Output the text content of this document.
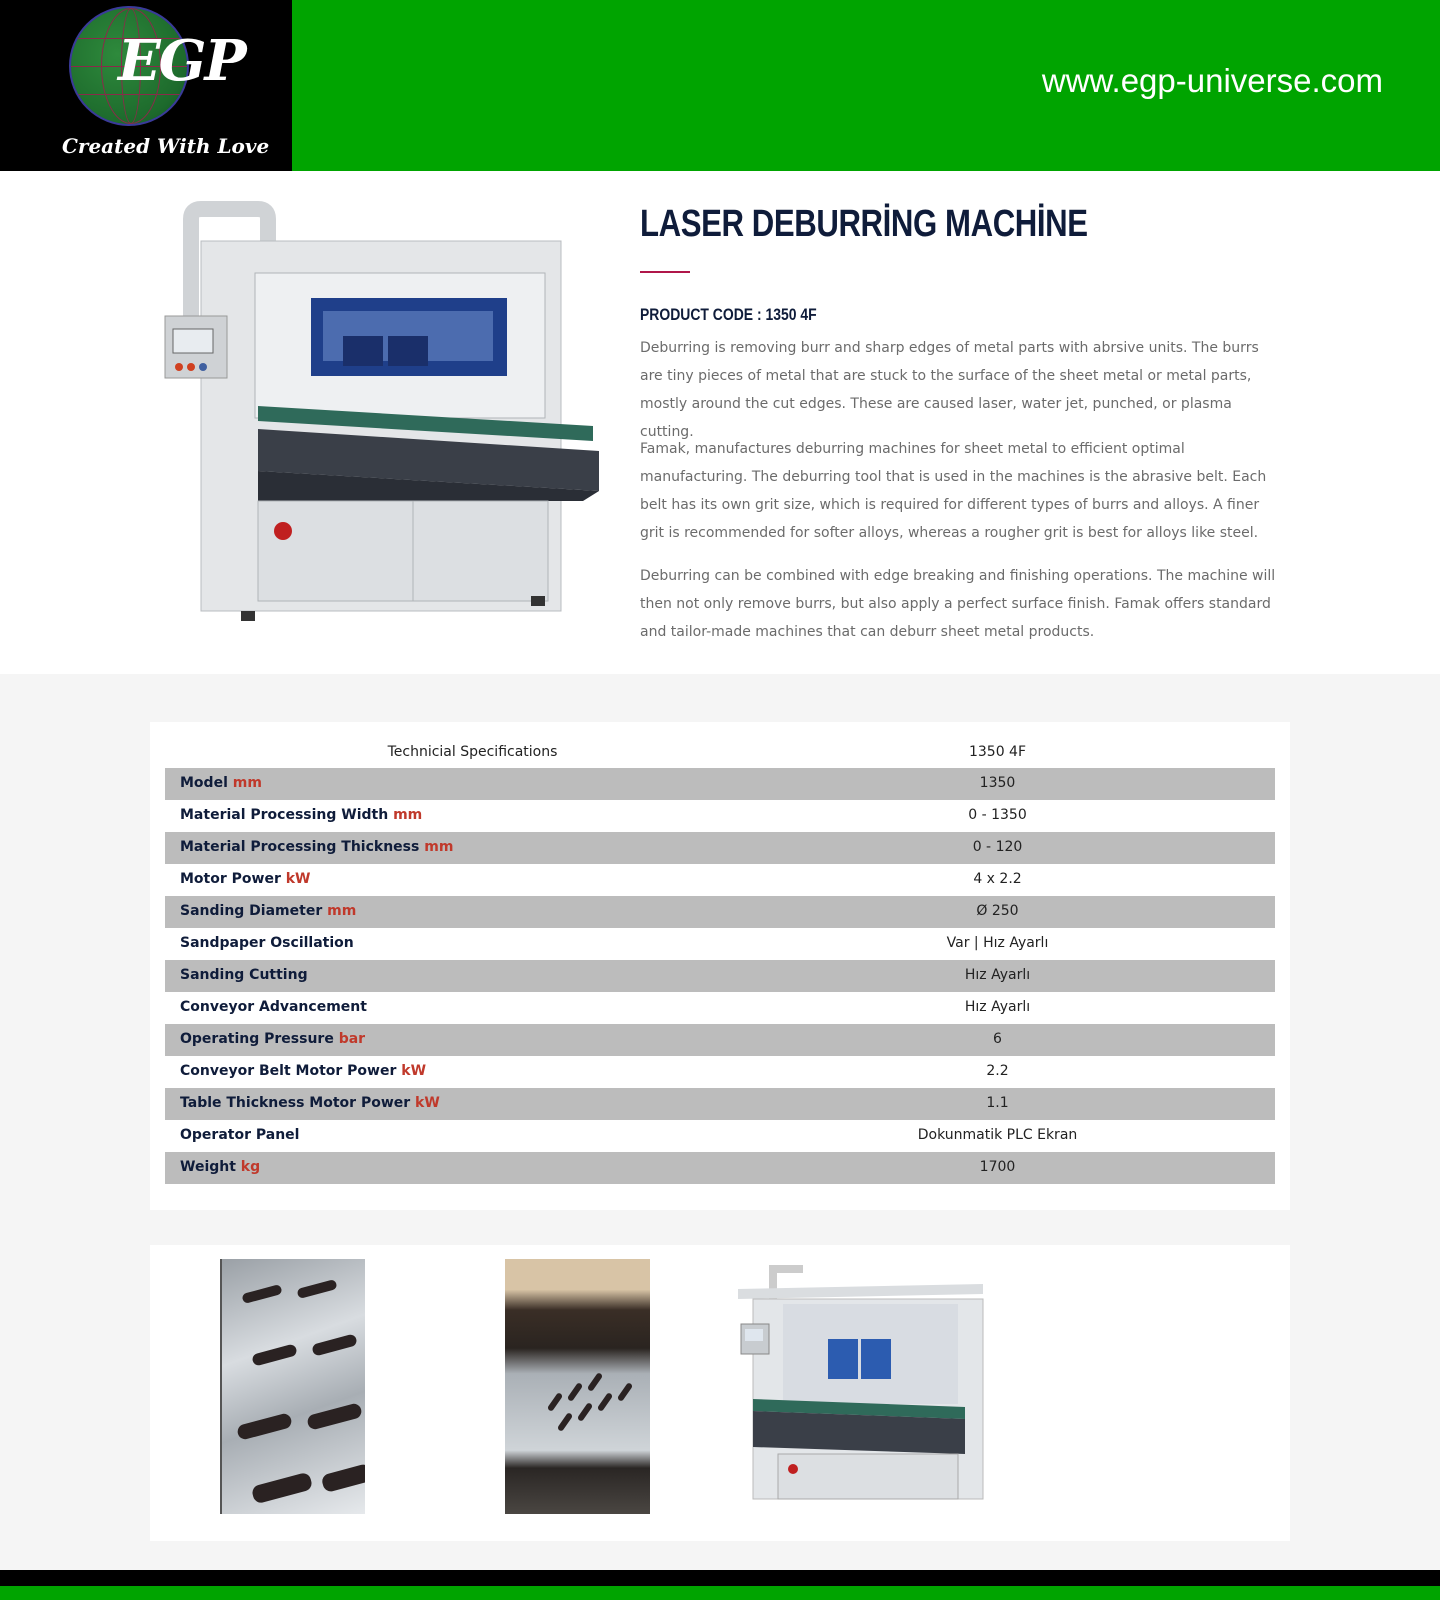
EGP
Created With Love
www.egp-universe.com
LASER DEBURRİNG MACHİNE
PRODUCT CODE : 1350 4F

Deburring is removing burr and sharp edges of metal parts with abrsive units. The burrs are tiny pieces of metal that are stuck to the surface of the sheet metal or metal parts, mostly around the cut edges. These are caused laser, water jet, punched, or plasma cutting.

Famak, manufactures deburring machines for sheet metal to efficient optimal manufacturing. The deburring tool that is used in the machines is the abrasive belt. Each belt has its own grit size, which is required for different types of burrs and alloys. A finer grit is recommended for softer alloys, whereas a rougher grit is best for alloys like steel.

Deburring can be combined with edge breaking and finishing operations. The machine will then not only remove burrs, but also apply a perfect surface finish. Famak offers standard and tailor-made machines that can deburr sheet metal products.

Technicial Specifications	1350 4F
Model mm	1350
Material Processing Width mm	0 - 1350
Material Processing Thickness mm	0 - 120
Motor Power kW	4 x 2.2
Sanding Diameter mm	Ø 250
Sandpaper Oscillation	Var | Hız Ayarlı
Sanding Cutting	Hız Ayarlı
Conveyor Advancement	Hız Ayarlı
Operating Pressure bar	6
Conveyor Belt Motor Power kW	2.2
Table Thickness Motor Power kW	1.1
Operator Panel	Dokunmatik PLC Ekran
Weight kg	1700
